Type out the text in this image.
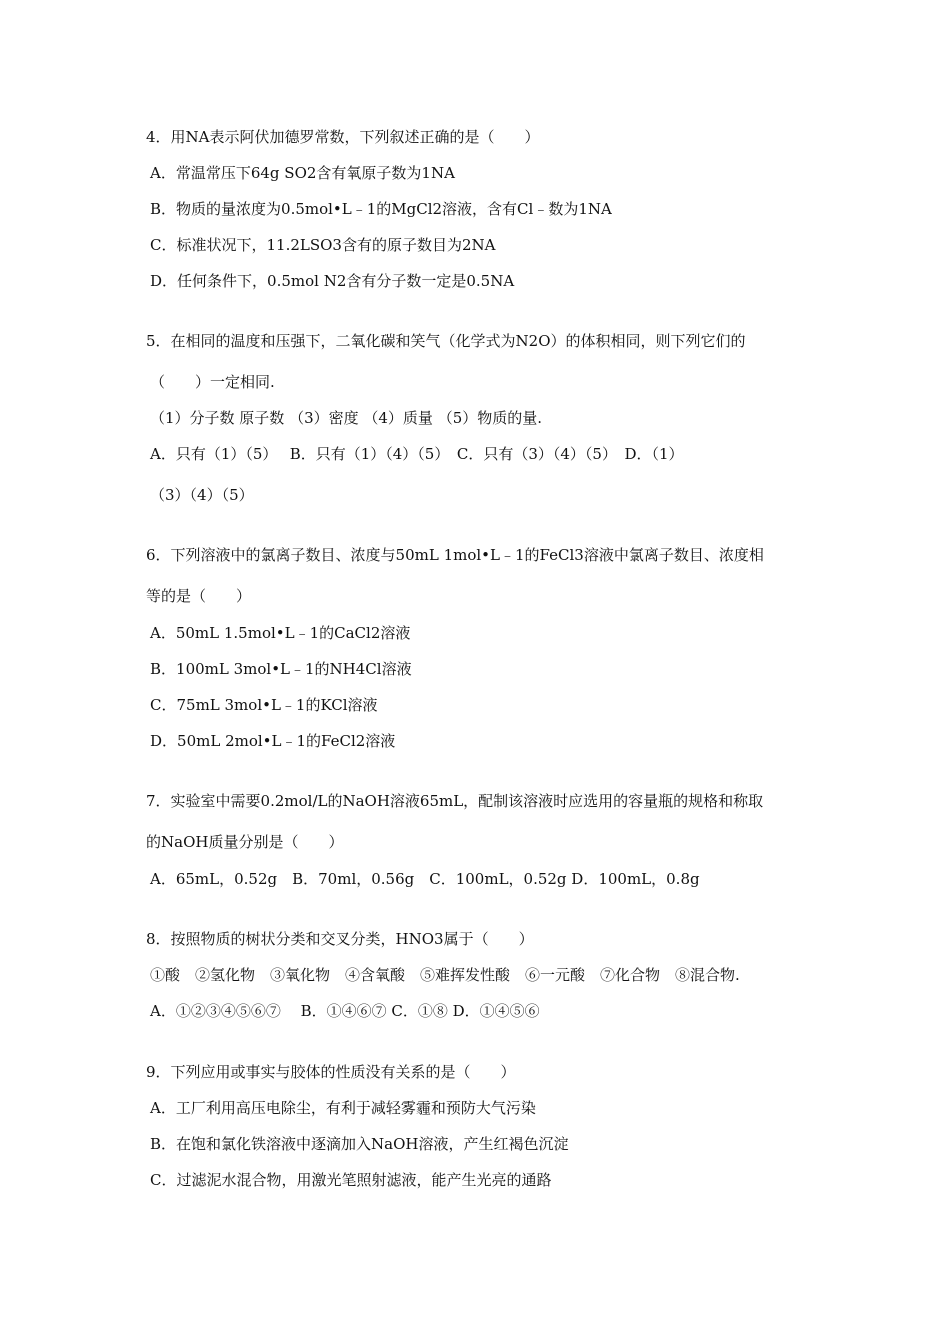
4．用NA表示阿伏加德罗常数，下列叙述正确的是（　　）
A．常温常压下64g SO2含有氧原子数为1NA
B．物质的量浓度为0.5mol•L﹣1的MgCl2溶液，含有Cl﹣数为1NA
C．标准状况下，11.2LSO3含有的原子数目为2NA
D．任何条件下，0.5mol N2含有分子数一定是0.5NA
5．在相同的温度和压强下，二氧化碳和笑气（化学式为N2O）的体积相同，则下列它们的
（　　）一定相同.
（1）分子数 原子数 （3）密度 （4）质量 （5）物质的量.
A．只有（1）（5）　 B．只有（1）（4）（5）　C．只有（3）（4）（5）　D．（1）
（3）（4）（5）
6．下列溶液中的氯离子数目、浓度与50mL 1mol•L﹣1的FeCl3溶液中氯离子数目、浓度相
等的是（　　）
A．50mL 1.5mol•L﹣1的CaCl2溶液
B．100mL 3mol•L﹣1的NH4Cl溶液
C．75mL 3mol•L﹣1的KCl溶液
D．50mL 2mol•L﹣1的FeCl2溶液
7．实验室中需要0.2mol/L的NaOH溶液65mL，配制该溶液时应选用的容量瓶的规格和称取
的NaOH质量分别是（　　）
A．65mL，0.52g　B．70ml，0.56g　C．100mL，0.52g D．100mL，0.8g
8．按照物质的树状分类和交叉分类，HNO3属于（　　）
①酸　②氢化物　③氧化物　④含氧酸　⑤难挥发性酸　⑥一元酸　⑦化合物　⑧混合物.
A．①②③④⑤⑥⑦　 B．①④⑥⑦ C．①⑧ D．①④⑤⑥
9．下列应用或事实与胶体的性质没有关系的是（　　）
A．工厂利用高压电除尘，有利于减轻雾霾和预防大气污染
B．在饱和氯化铁溶液中逐滴加入NaOH溶液，产生红褐色沉淀
C．过滤泥水混合物，用激光笔照射滤液，能产生光亮的通路
